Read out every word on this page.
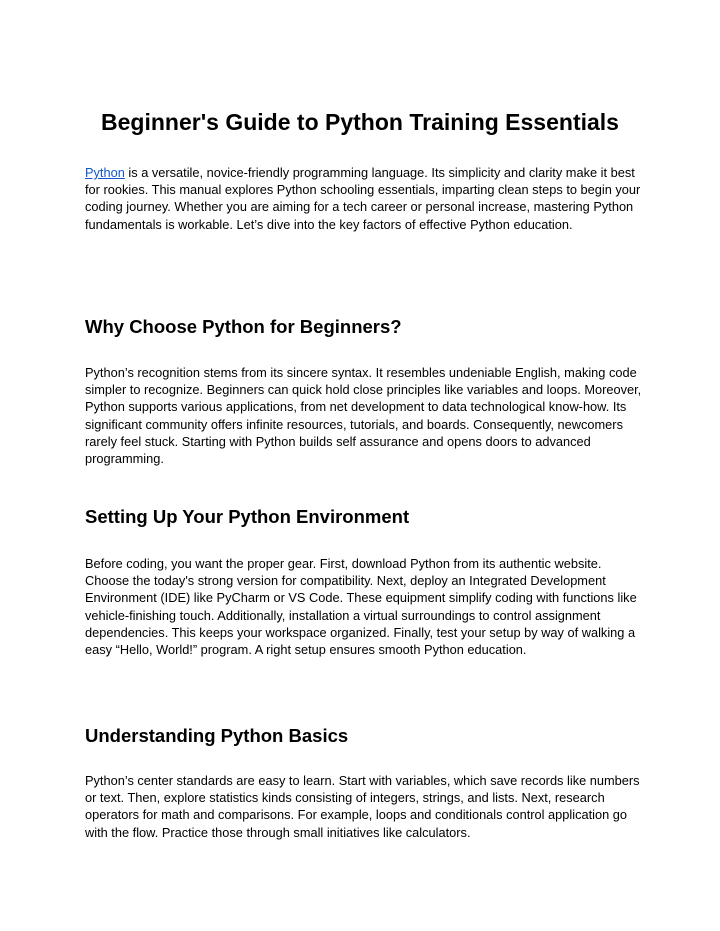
Beginner's Guide to Python Training Essentials

Python is a versatile, novice-friendly programming language. Its simplicity and clarity make it best for rookies. This manual explores Python schooling essentials, imparting clean steps to begin your coding journey. Whether you are aiming for a tech career or personal increase, mastering Python fundamentals is workable. Let’s dive into the key factors of effective Python education.

Why Choose Python for Beginners?

Python’s recognition stems from its sincere syntax. It resembles undeniable English, making code simpler to recognize. Beginners can quick hold close principles like variables and loops. Moreover, Python supports various applications, from net development to data technological know-how. Its significant community offers infinite resources, tutorials, and boards. Consequently, newcomers rarely feel stuck. Starting with Python builds self assurance and opens doors to advanced programming.

Setting Up Your Python Environment

Before coding, you want the proper gear. First, download Python from its authentic website. Choose the today's strong version for compatibility. Next, deploy an Integrated Development Environment (IDE) like PyCharm or VS Code. These equipment simplify coding with functions like vehicle-finishing touch. Additionally, installation a virtual surroundings to control assignment dependencies. This keeps your workspace organized. Finally, test your setup by way of walking a easy “Hello, World!” program. A right setup ensures smooth Python education.

Understanding Python Basics

Python’s center standards are easy to learn. Start with variables, which save records like numbers or text. Then, explore statistics kinds consisting of integers, strings, and lists. Next, research operators for math and comparisons. For example, loops and conditionals control application go with the flow. Practice those through small initiatives like calculators.
